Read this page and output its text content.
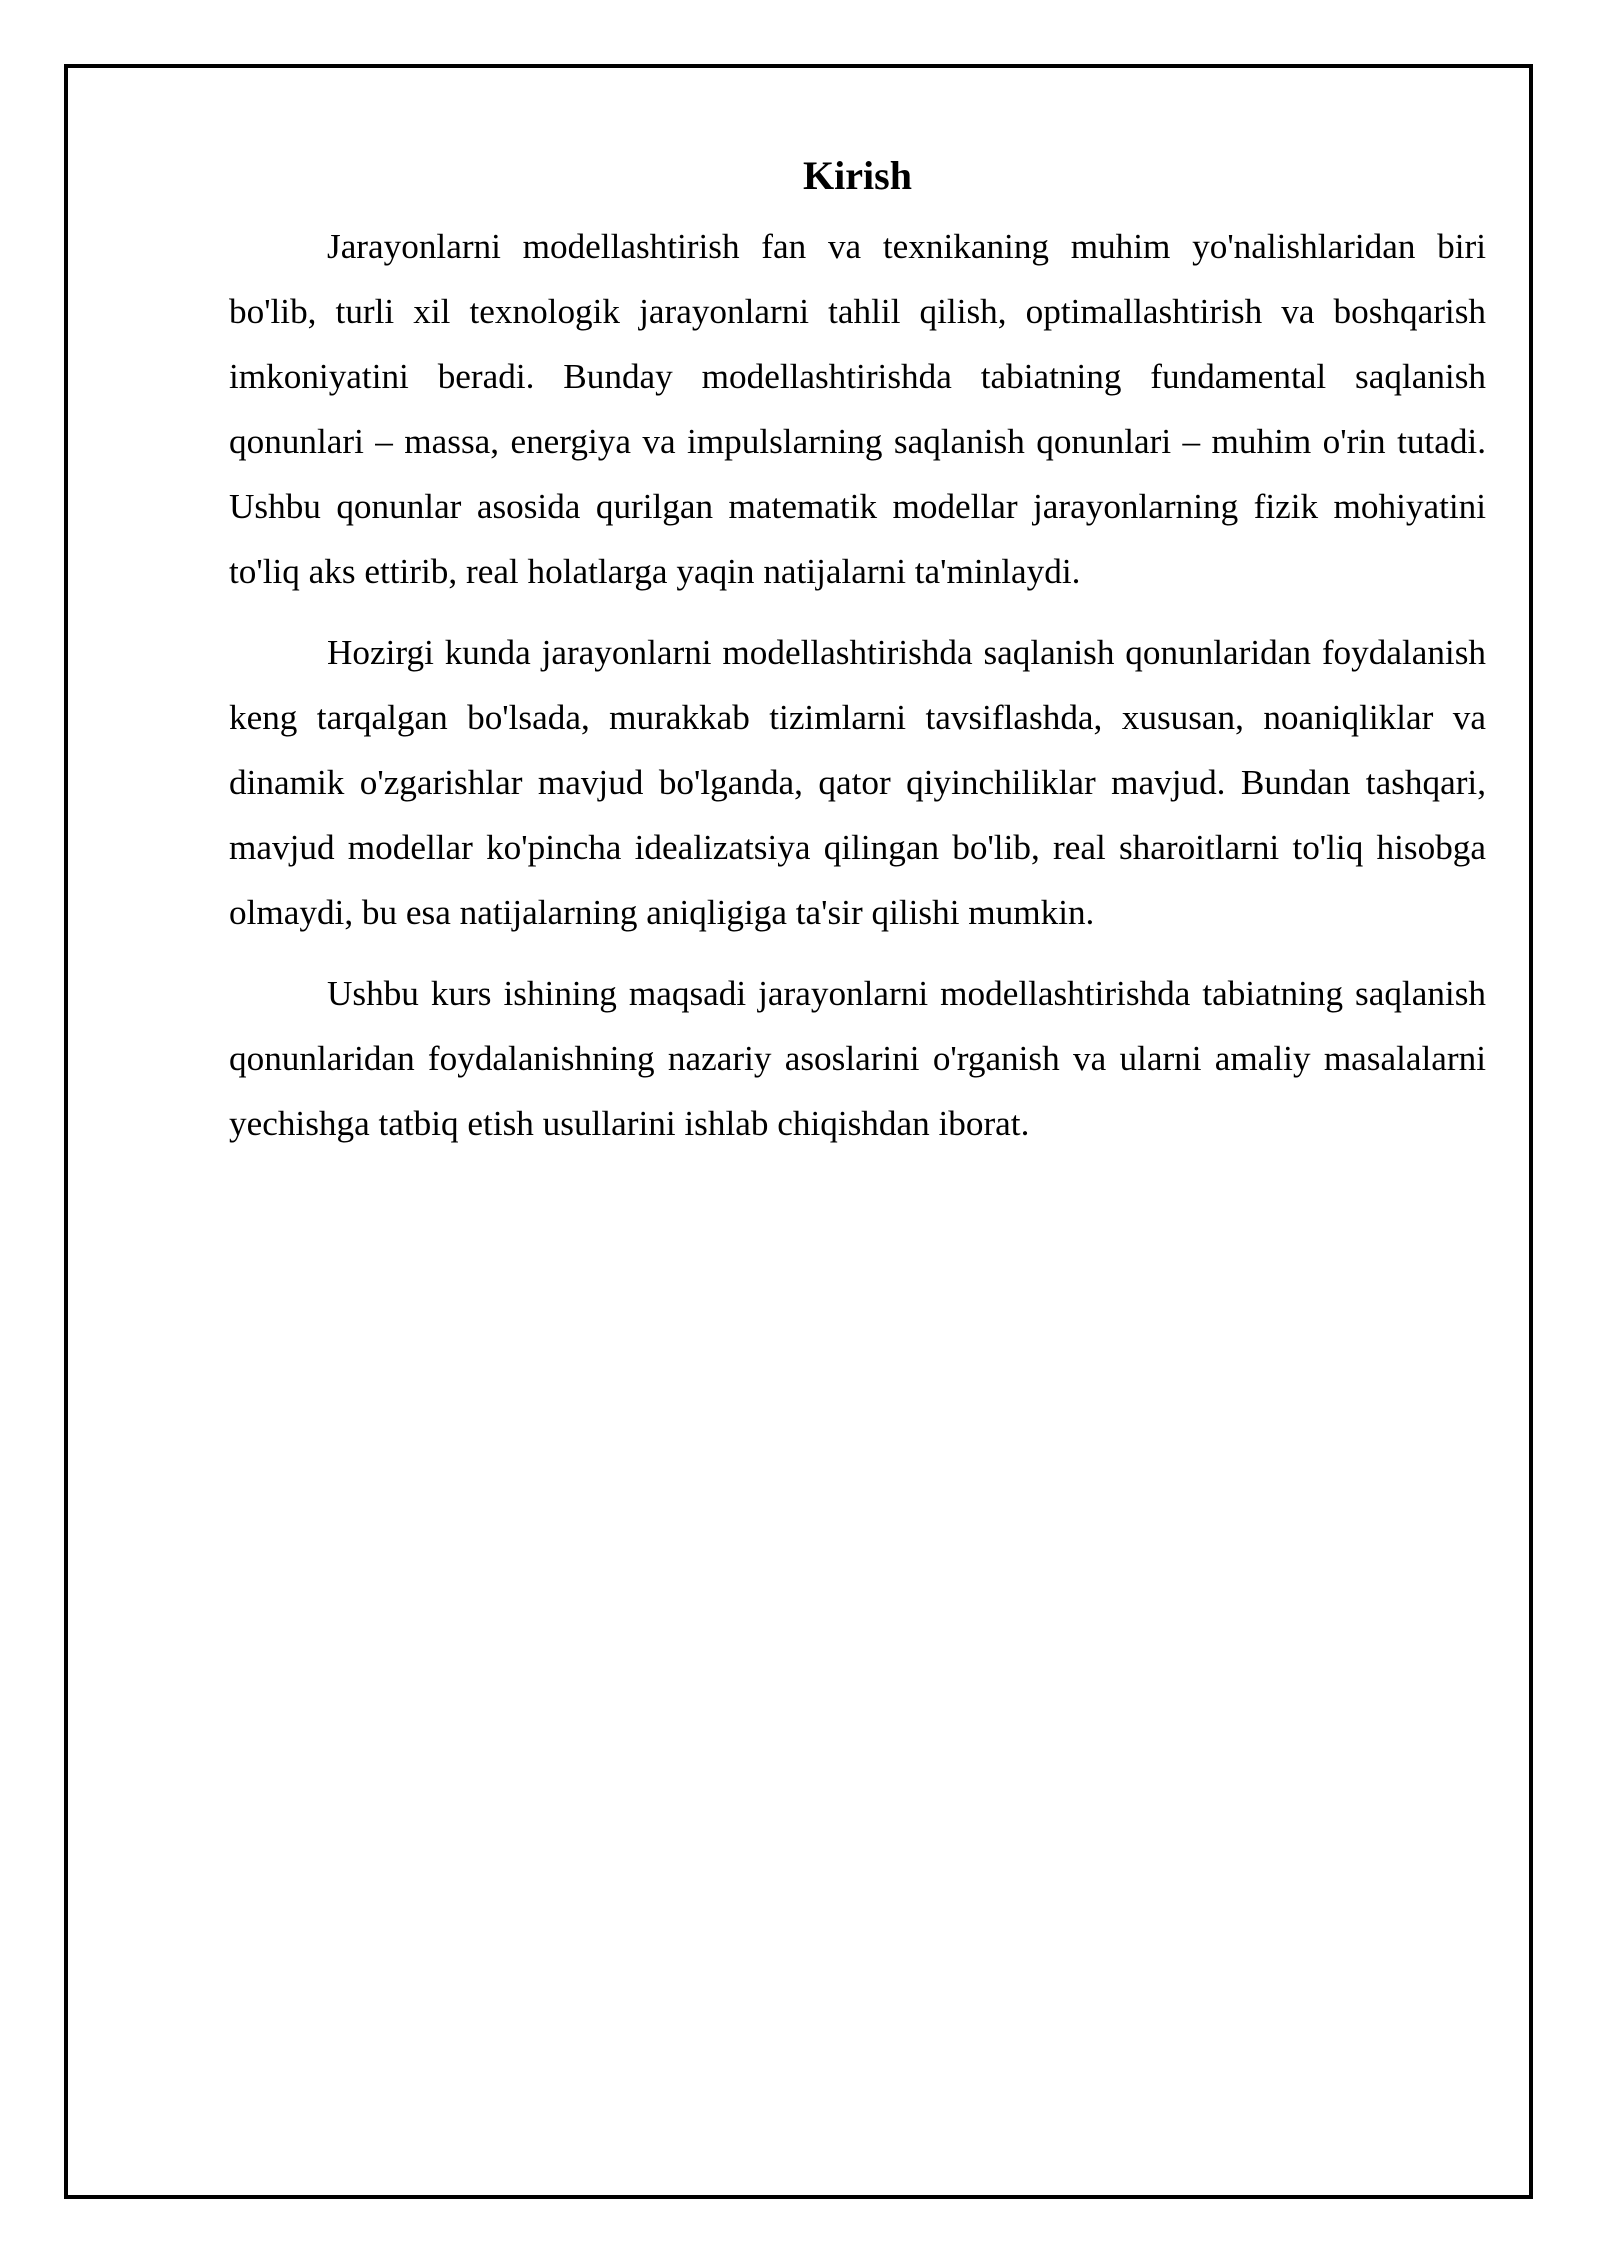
Kirish

Jarayonlarni modellashtirish fan va texnikaning muhim yo'nalishlaridan biri bo'lib, turli xil texnologik jarayonlarni tahlil qilish, optimallashtirish va boshqarish imkoniyatini beradi. Bunday modellashtirishda tabiatning fundamental saqlanish qonunlari – massa, energiya va impulslarning saqlanish qonunlari – muhim o'rin tutadi. Ushbu qonunlar asosida qurilgan matematik modellar jarayonlarning fizik mohiyatini to'liq aks ettirib, real holatlarga yaqin natijalarni ta'minlaydi.

Hozirgi kunda jarayonlarni modellashtirishda saqlanish qonunlaridan foydalanish keng tarqalgan bo'lsada, murakkab tizimlarni tavsiflashda, xususan, noaniqliklar va dinamik o'zgarishlar mavjud bo'lganda, qator qiyinchiliklar mavjud. Bundan tashqari, mavjud modellar ko'pincha idealizatsiya qilingan bo'lib, real sharoitlarni to'liq hisobga olmaydi, bu esa natijalarning aniqligiga ta'sir qilishi mumkin.

Ushbu kurs ishining maqsadi jarayonlarni modellashtirishda tabiatning saqlanish qonunlaridan foydalanishning nazariy asoslarini o'rganish va ularni amaliy masalalarni yechishga tatbiq etish usullarini ishlab chiqishdan iborat.
